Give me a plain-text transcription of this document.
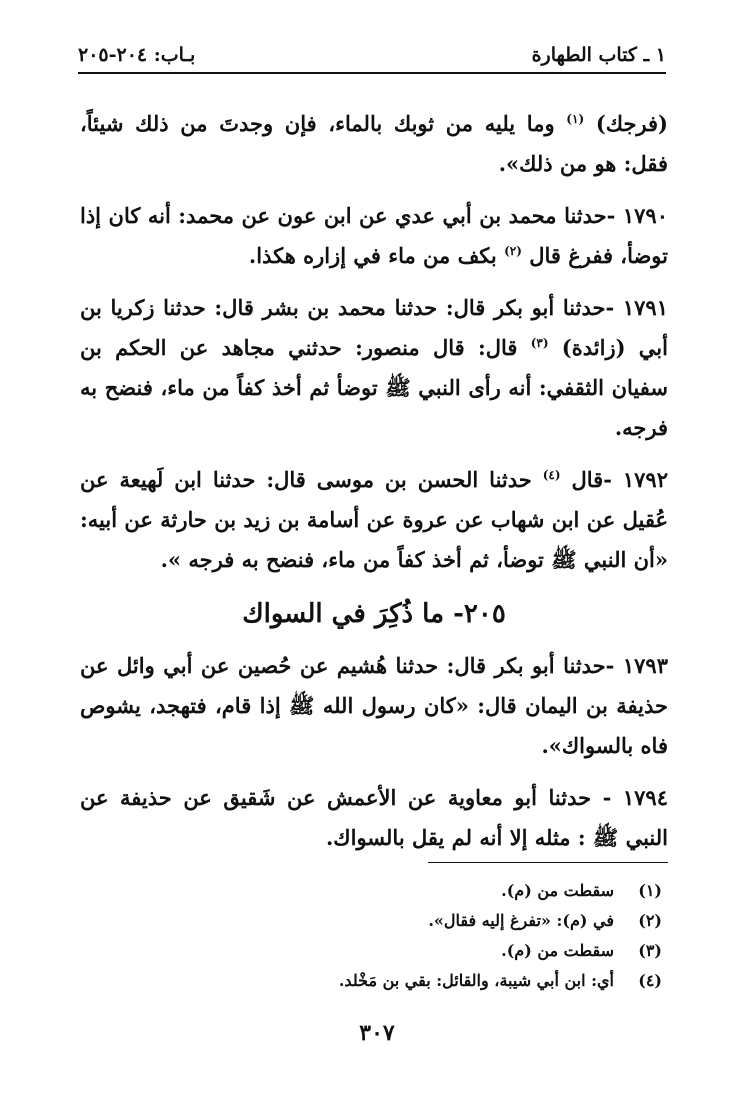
١ ـ كتاب الطهارة
بـاب: ٢٠٤-٢٠٥

(فرجك) $^{(١)}$ وما يليه من ثوبك بالماء، فإن وجدتَ من ذلك شيئاً، فقل: هو من ذلك».

١٧٩٠ -حدثنا محمد بن أبي عدي عن ابن عون عن محمد: أنه كان إذا توضأ، ففرغ قال $^{(٢)}$ بكف من ماء في إزاره هكذا.

١٧٩١ -حدثنا أبو بكر قال: حدثنا محمد بن بشر قال: حدثنا زكريا بن أبي (زائدة) $^{(٣)}$ قال: قال منصور: حدثني مجاهد عن الحكم بن سفيان الثقفي: أنه رأى النبي ﷺ توضأ ثم أخذ كفاً من ماء، فنضح به فرجه.

١٧٩٢ -قال $^{(٤)}$ حدثنا الحسن بن موسى قال: حدثنا ابن لَهيعة عن عُقيل عن ابن شهاب عن عروة عن أسامة بن زيد بن حارثة عن أبيه: «أن النبي ﷺ توضأ، ثم أخذ كفاً من ماء، فنضح به فرجه ».

٢٠٥- ما ذُكِرَ في السواك

١٧٩٣ -حدثنا أبو بكر قال: حدثنا هُشيم عن حُصين عن أبي وائل عن حذيفة بن اليمان قال: «كان رسول الله ﷺ إذا قام، فتهجد، يشوص فاه بالسواك».

١٧٩٤ - حدثنا أبو معاوية عن الأعمش عن شَقيق عن حذيفة عن النبي ﷺ : مثله إلا أنه لم يقل بالسواك.

(١)
سقطت من (م).
(٢)
في (م): «تفرغ إليه فقال».
(٣)
سقطت من (م).
(٤)
أي: ابن أبي شيبة، والقائل: بقي بن مَخْلد.
٣٠٧
